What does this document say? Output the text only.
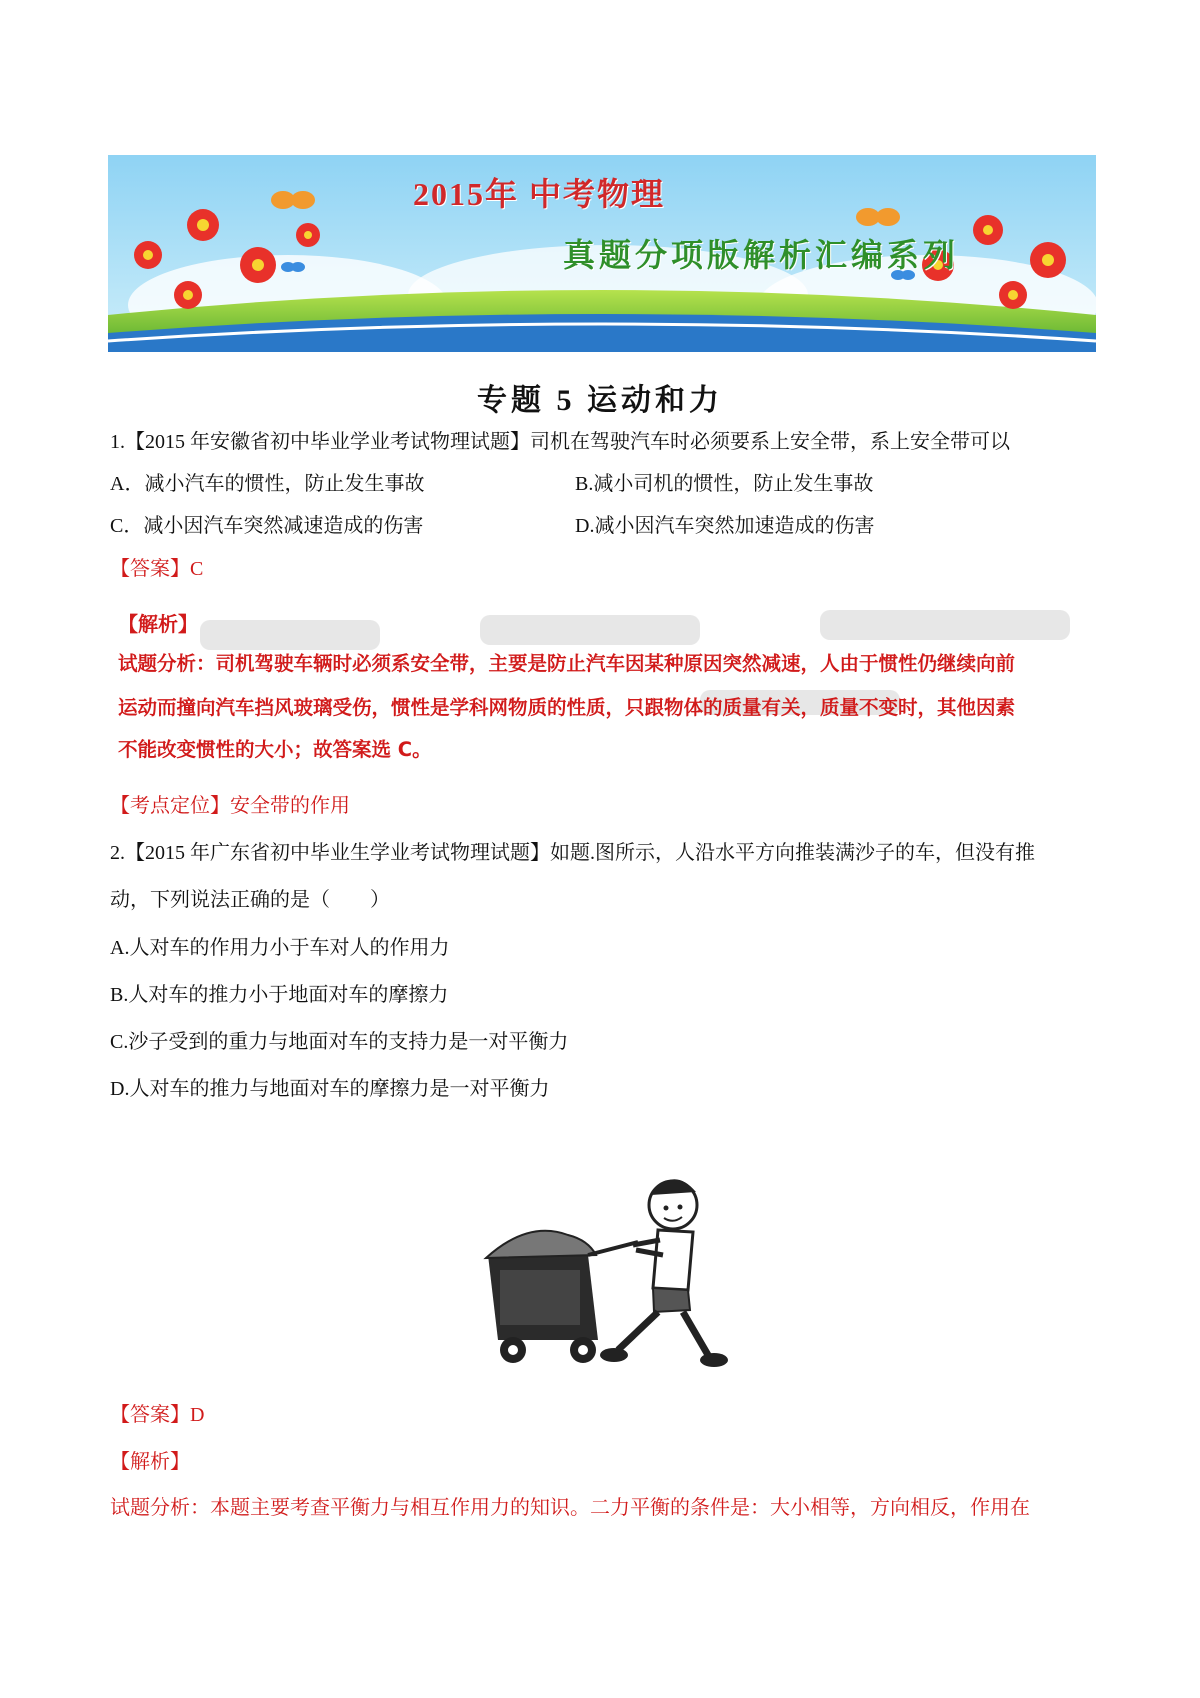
2015年 中考物理
真题分项版解析汇编系列
专题 5 运动和力
1.【2015 年安徽省初中毕业学业考试物理试题】司机在驾驶汽车时必须要系上安全带，系上安全带可以
A．减小汽车的惯性，防止发生事故	B.减小司机的惯性，防止发生事故
C．减小因汽车突然减速造成的伤害	D.减小因汽车突然加速造成的伤害
【答案】C
【解析】
试题分析：司机驾驶车辆时必须系安全带，主要是防止汽车因某种原因突然减速，人由于惯性仍继续向前
运动而撞向汽车挡风玻璃受伤，惯性是学科网物质的性质，只跟物体的质量有关，质量不变时，其他因素
不能改变惯性的大小；故答案选 C。
【考点定位】安全带的作用
2.【2015 年广东省初中毕业生学业考试物理试题】如题.图所示，人沿水平方向推装满沙子的车，但没有推
动，下列说法正确的是（　　）
A.人对车的作用力小于车对人的作用力
B.人对车的推力小于地面对车的摩擦力
C.沙子受到的重力与地面对车的支持力是一对平衡力
D.人对车的推力与地面对车的摩擦力是一对平衡力
【答案】D
【解析】
试题分析：本题主要考查平衡力与相互作用力的知识。二力平衡的条件是：大小相等，方向相反，作用在
